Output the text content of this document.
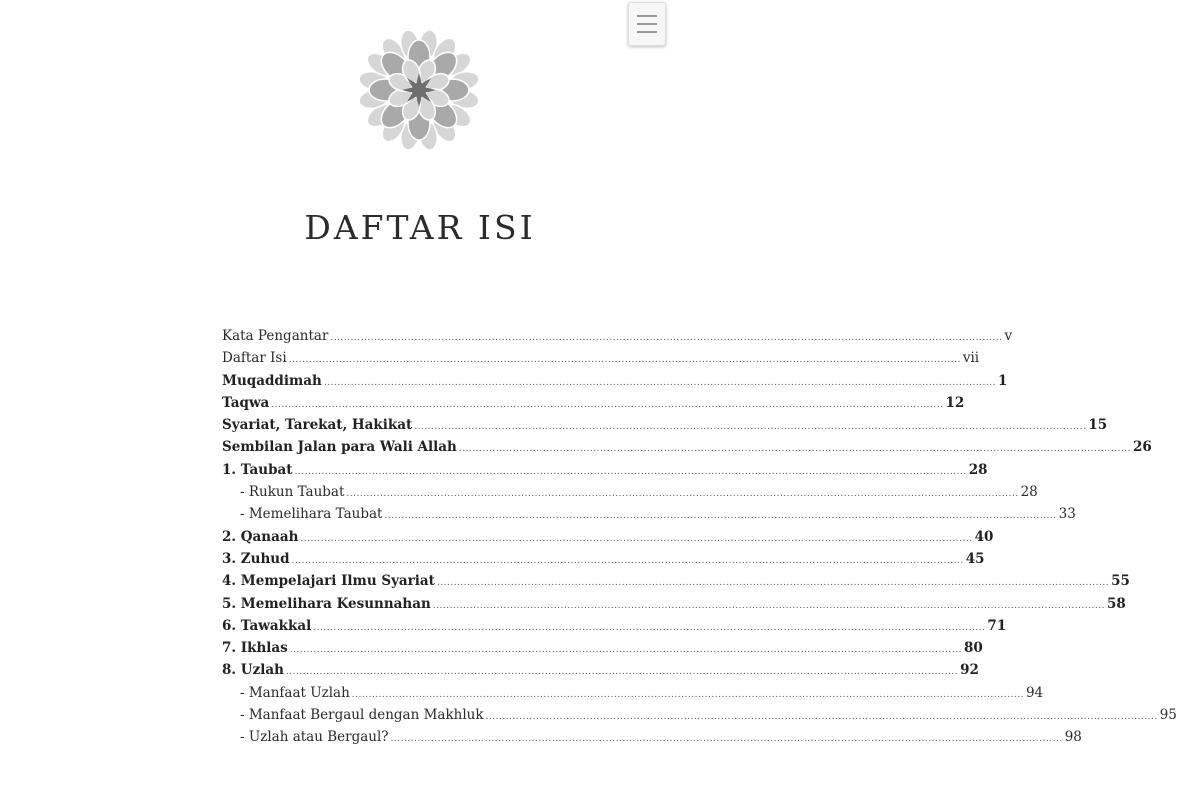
DAFTAR ISI
Kata Pengantar ........................................................................................................................................................................................................ v
Daftar Isi ........................................................................................................................................................................................................ vii
Muqaddimah ........................................................................................................................................................................................................ 1
Taqwa ........................................................................................................................................................................................................ 12
Syariat, Tarekat, Hakikat ........................................................................................................................................................................................................ 15
Sembilan Jalan para Wali Allah ........................................................................................................................................................................................................ 26
1. Taubat ........................................................................................................................................................................................................ 28
- Rukun Taubat ........................................................................................................................................................................................................ 28
- Memelihara Taubat ........................................................................................................................................................................................................ 33
2. Qanaah ........................................................................................................................................................................................................ 40
3. Zuhud ........................................................................................................................................................................................................ 45
4. Mempelajari Ilmu Syariat ........................................................................................................................................................................................................ 55
5. Memelihara Kesunnahan ........................................................................................................................................................................................................ 58
6. Tawakkal ........................................................................................................................................................................................................ 71
7. Ikhlas ........................................................................................................................................................................................................ 80
8. Uzlah ........................................................................................................................................................................................................ 92
- Manfaat Uzlah ........................................................................................................................................................................................................ 94
- Manfaat Bergaul dengan Makhluk ........................................................................................................................................................................................................ 95
- Uzlah atau Bergaul? ........................................................................................................................................................................................................ 98
